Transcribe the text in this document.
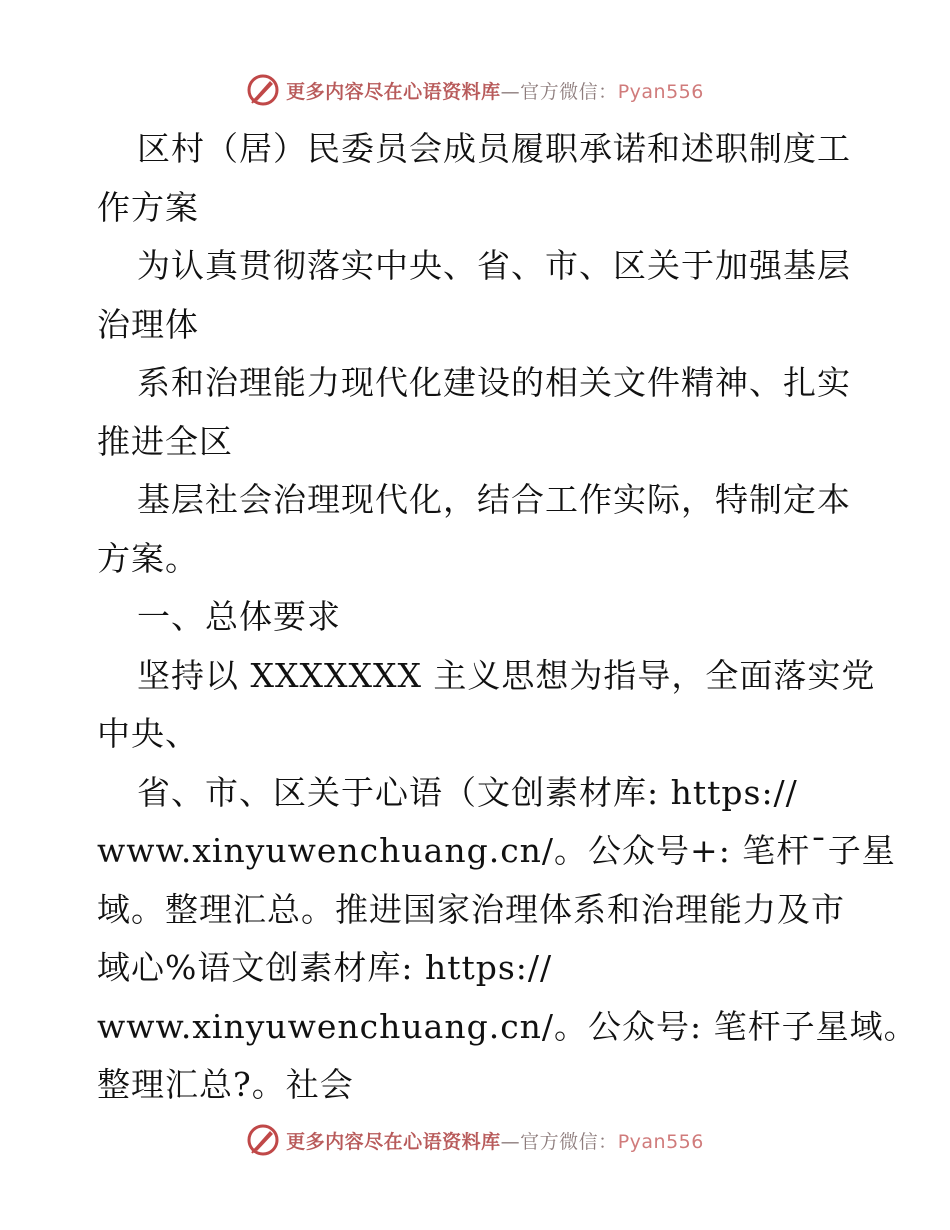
更多内容尽在心语资料库—官方微信：Pyan556
区村（居）民委员会成员履职承诺和述职制度工
作方案
为认真贯彻落实中央、省、市、区关于加强基层
治理体
系和治理能力现代化建设的相关文件精神、扎实
推进全区
基层社会治理现代化，结合工作实际，特制定本
方案。
一、总体要求
坚持以 XXXXXXX 主义思想为指导，全面落实党
中央、
省、市、区关于心语（文创素材库: https://
www.xinyuwenchuang.cn/。公众号+: 笔杆¯子星
域。整理汇总。推进国家治理体系和治理能力及市
域心%语文创素材库: https://
www.xinyuwenchuang.cn/。公众号: 笔杆子星域。
整理汇总?。社会
更多内容尽在心语资料库—官方微信：Pyan556
